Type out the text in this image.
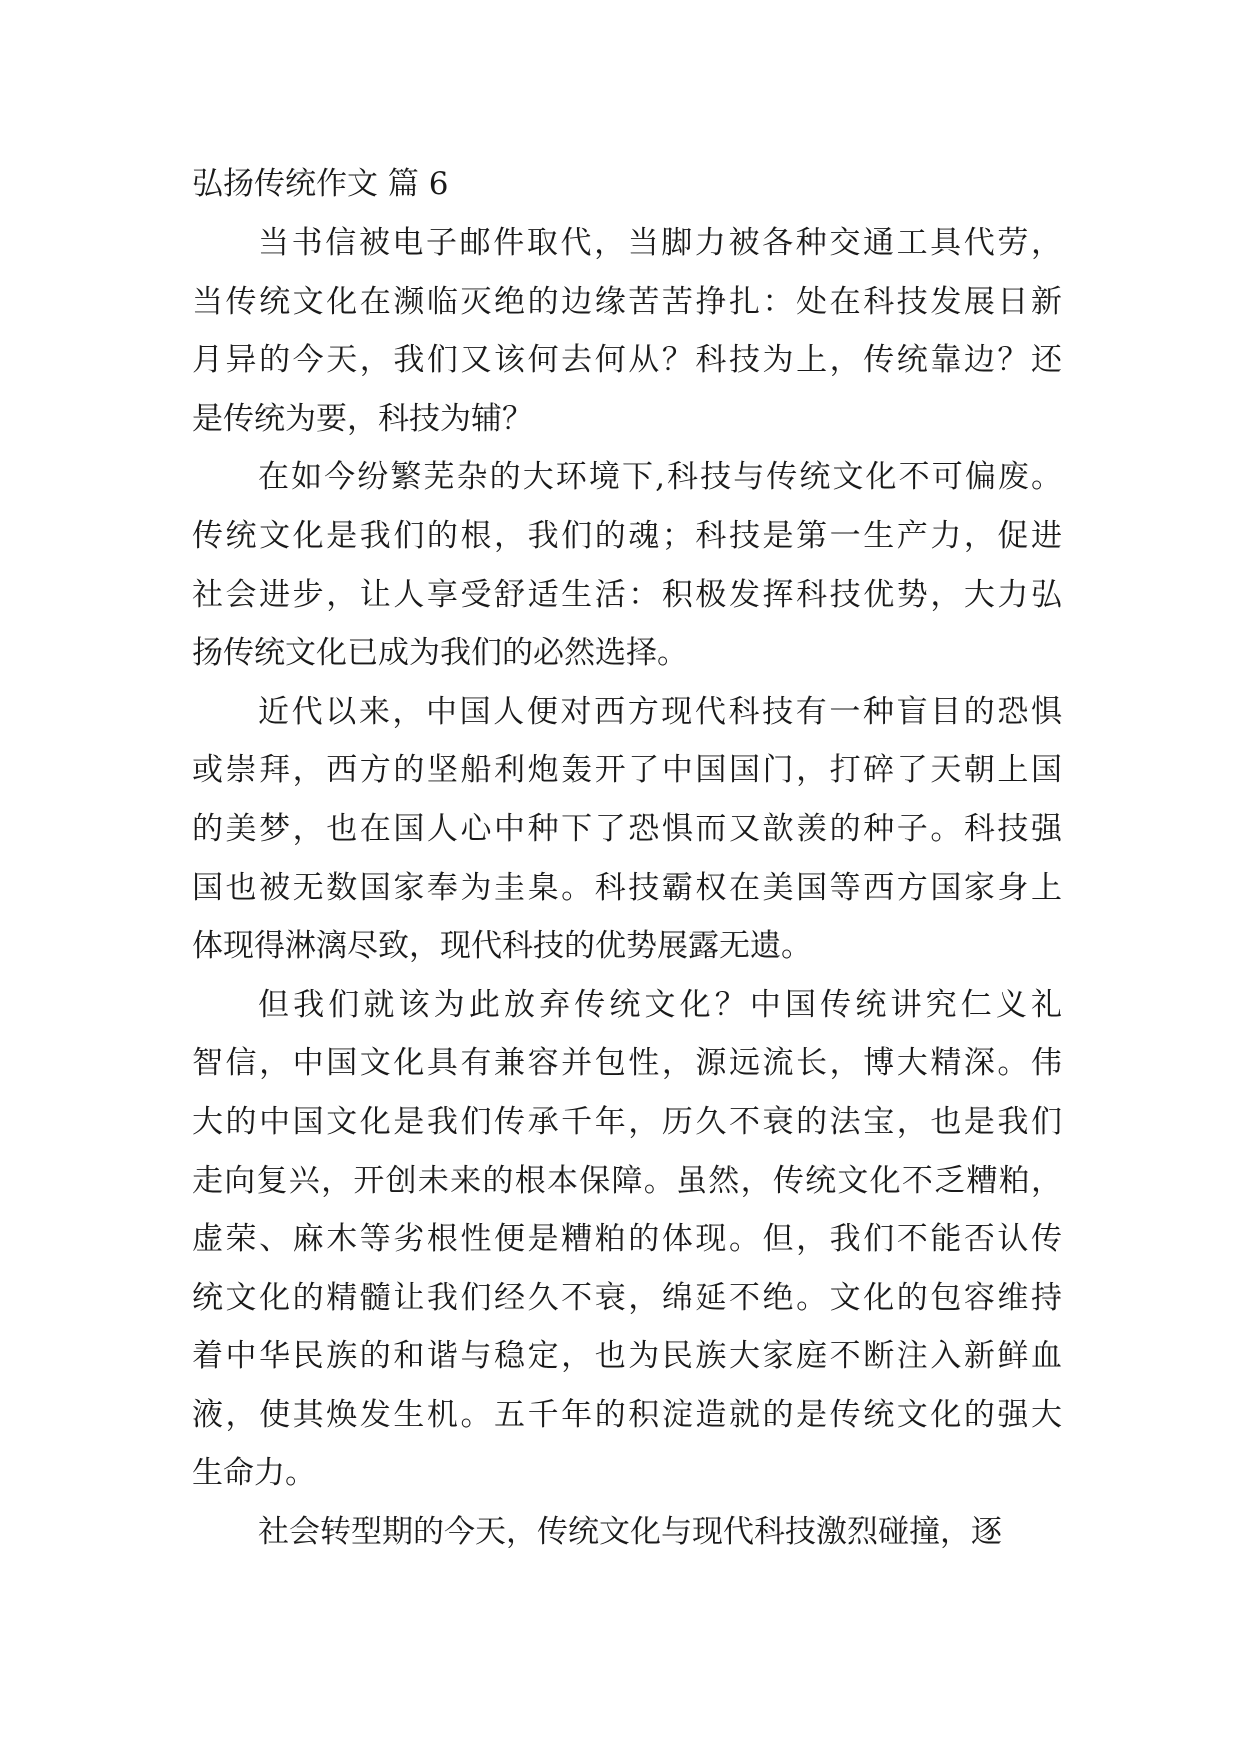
弘扬传统作文 篇 6

当书信被电子邮件取代，当脚力被各种交通工具代劳，
当传统文化在濒临灭绝的边缘苦苦挣扎：处在科技发展日新
月异的今天，我们又该何去何从？科技为上，传统靠边？还
是传统为要，科技为辅？

在如今纷繁芜杂的大环境下,科技与传统文化不可偏废。
传统文化是我们的根，我们的魂；科技是第一生产力，促进
社会进步，让人享受舒适生活：积极发挥科技优势，大力弘
扬传统文化已成为我们的必然选择。

近代以来，中国人便对西方现代科技有一种盲目的恐惧
或崇拜，西方的坚船利炮轰开了中国国门，打碎了天朝上国
的美梦，也在国人心中种下了恐惧而又歆羡的种子。科技强
国也被无数国家奉为圭臬。科技霸权在美国等西方国家身上
体现得淋漓尽致，现代科技的优势展露无遗。

但我们就该为此放弃传统文化？中国传统讲究仁义礼
智信，中国文化具有兼容并包性，源远流长，博大精深。伟
大的中国文化是我们传承千年，历久不衰的法宝，也是我们
走向复兴，开创未来的根本保障。虽然，传统文化不乏糟粕，
虚荣、麻木等劣根性便是糟粕的体现。但，我们不能否认传
统文化的精髓让我们经久不衰，绵延不绝。文化的包容维持
着中华民族的和谐与稳定，也为民族大家庭不断注入新鲜血
液，使其焕发生机。五千年的积淀造就的是传统文化的强大
生命力。

社会转型期的今天，传统文化与现代科技激烈碰撞，逐
